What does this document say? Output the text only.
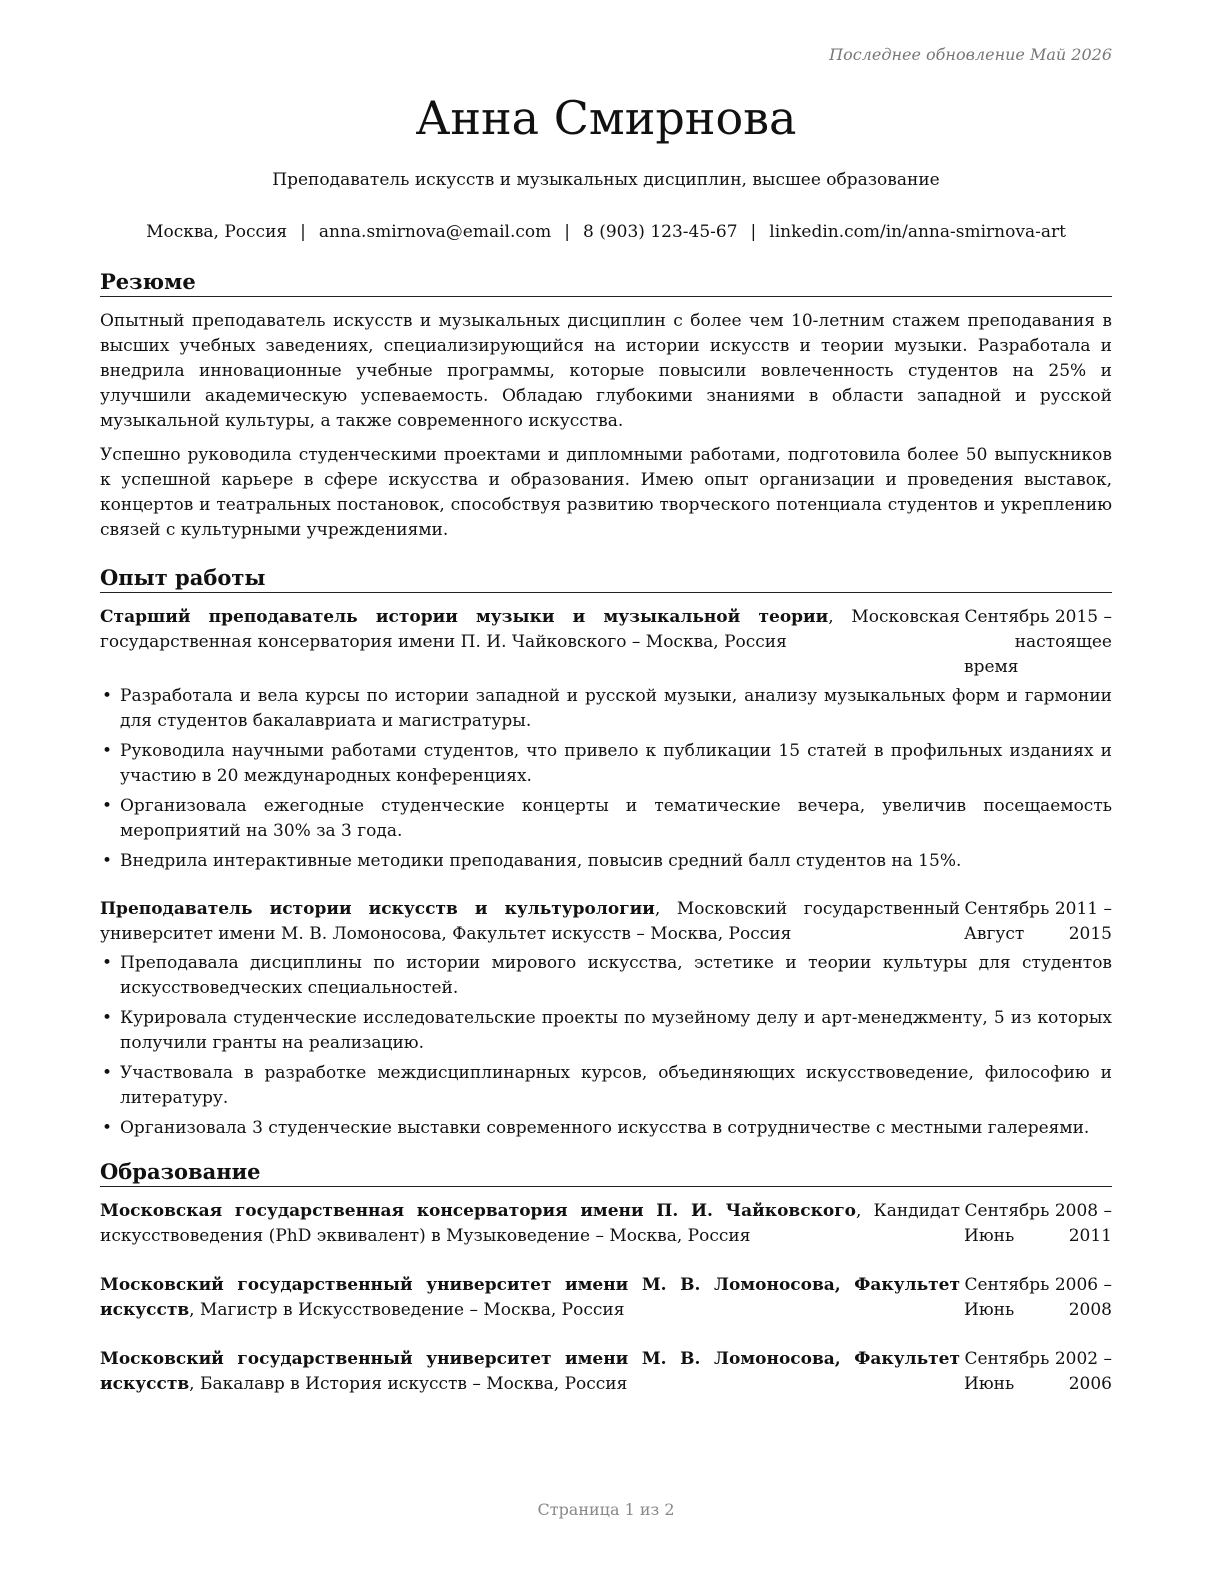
Последнее обновление Май 2026
Анна Смирнова
Преподаватель искусств и музыкальных дисциплин, высшее образование
Москва, Россия | anna.smirnova@email.com | 8 (903) 123-45-67 | linkedin.com/in/anna-smirnova-art
Резюме

Опытный преподаватель искусств и музыкальных дисциплин с более чем 10-летним стажем преподавания в высших учебных заведениях, специализирующийся на истории искусств и теории музыки. Разработала и внедрила инновационные учебные программы, которые повысили вовлеченность студентов на 25% и улучшили академическую успеваемость. Обладаю глубокими знаниями в области западной и русской музыкальной культуры, а также современного искусства.

Успешно руководила студенческими проектами и дипломными работами, подготовила более 50 выпускников к успешной карьере в сфере искусства и образования. Имею опыт организации и проведения выставок, концертов и театральных постановок, способствуя развитию творческого потенциала студентов и укреплению связей с культурными учреждениями.

Опыт работы
Старший преподаватель истории музыки и музыкальной теории, Московская государственная консерватория имени П. И. Чайковского – Москва, Россия
Сентябрь 2015 – настоящее время
• Разработала и вела курсы по истории западной и русской музыки, анализу музыкальных форм и гармонии для студентов бакалавриата и магистратуры.
• Руководила научными работами студентов, что привело к публикации 15 статей в профильных изданиях и участию в 20 международных конференциях.
• Организовала ежегодные студенческие концерты и тематические вечера, увеличив посещаемость мероприятий на 30% за 3 года.
• Внедрила интерактивные методики преподавания, повысив средний балл студентов на 15%.
Преподаватель истории искусств и культурологии, Московский государственный университет имени М. В. Ломоносова, Факультет искусств – Москва, Россия
Сентябрь 2011 – Август 2015
• Преподавала дисциплины по истории мирового искусства, эстетике и теории культуры для студентов искусствоведческих специальностей.
• Курировала студенческие исследовательские проекты по музейному делу и арт-менеджменту, 5 из которых получили гранты на реализацию.
• Участвовала в разработке междисциплинарных курсов, объединяющих искусствоведение, философию и литературу.
• Организовала 3 студенческие выставки современного искусства в сотрудничестве с местными галереями.
Образование
Московская государственная консерватория имени П. И. Чайковского, Кандидат искусствоведения (PhD эквивалент) в Музыковедение – Москва, Россия
Сентябрь 2008 – Июнь 2011
Московский государственный университет имени М. В. Ломоносова, Факультет искусств, Магистр в Искусствоведение – Москва, Россия
Сентябрь 2006 – Июнь 2008
Московский государственный университет имени М. В. Ломоносова, Факультет искусств, Бакалавр в История искусств – Москва, Россия
Сентябрь 2002 – Июнь 2006
Страница 1 из 2
